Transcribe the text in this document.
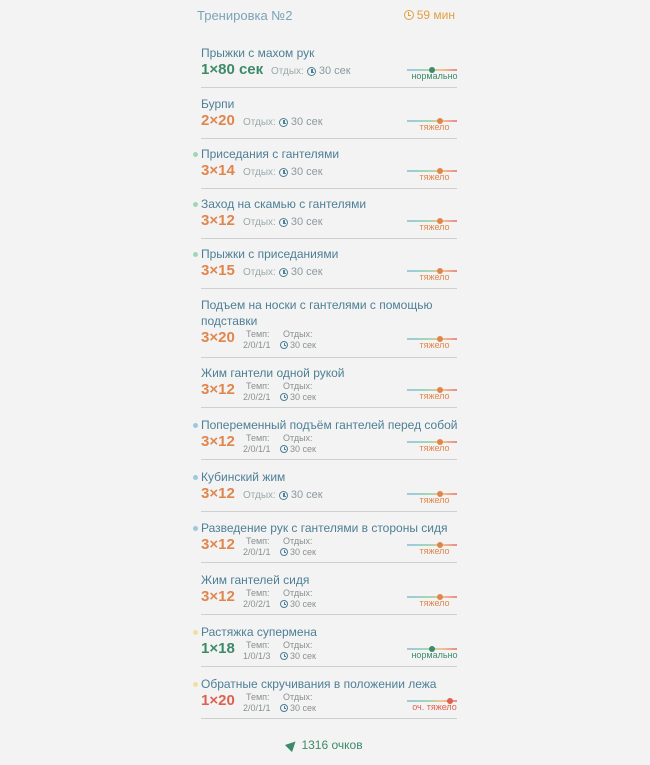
Тренировка №2	59 мин
Прыжки с махом рук
1×80 сек Отдых: 30 сек	нормально
Бурпи
2×20 Отдых: 30 сек	тяжело
Приседания с гантелями
3×14 Отдых: 30 сек	тяжело
Заход на скамью с гантелями
3×12 Отдых: 30 сек	тяжело
Прыжки с приседаниями
3×15 Отдых: 30 сек	тяжело
Подъем на носки с гантелями с помощью подставки
3×20	Темп:
2/0/1/1
Отдых:
30 сек	тяжело
Жим гантели одной рукой
3×12	Темп:
2/0/2/1
Отдых:
30 сек	тяжело
Попеременный подъём гантелей перед собой
3×12	Темп:
2/0/1/1
Отдых:
30 сек	тяжело
Кубинский жим
3×12 Отдых: 30 сек	тяжело
Разведение рук с гантелями в стороны сидя
3×12	Темп:
2/0/1/1
Отдых:
30 сек	тяжело
Жим гантелей сидя
3×12	Темп:
2/0/2/1
Отдых:
30 сек	тяжело
Растяжка супермена
1×18	Темп:
1/0/1/3
Отдых:
30 сек	нормально
Обратные скручивания в положении лежа
1×20	Темп:
2/0/1/1
Отдых:
30 сек	оч. тяжело
1316 очков
